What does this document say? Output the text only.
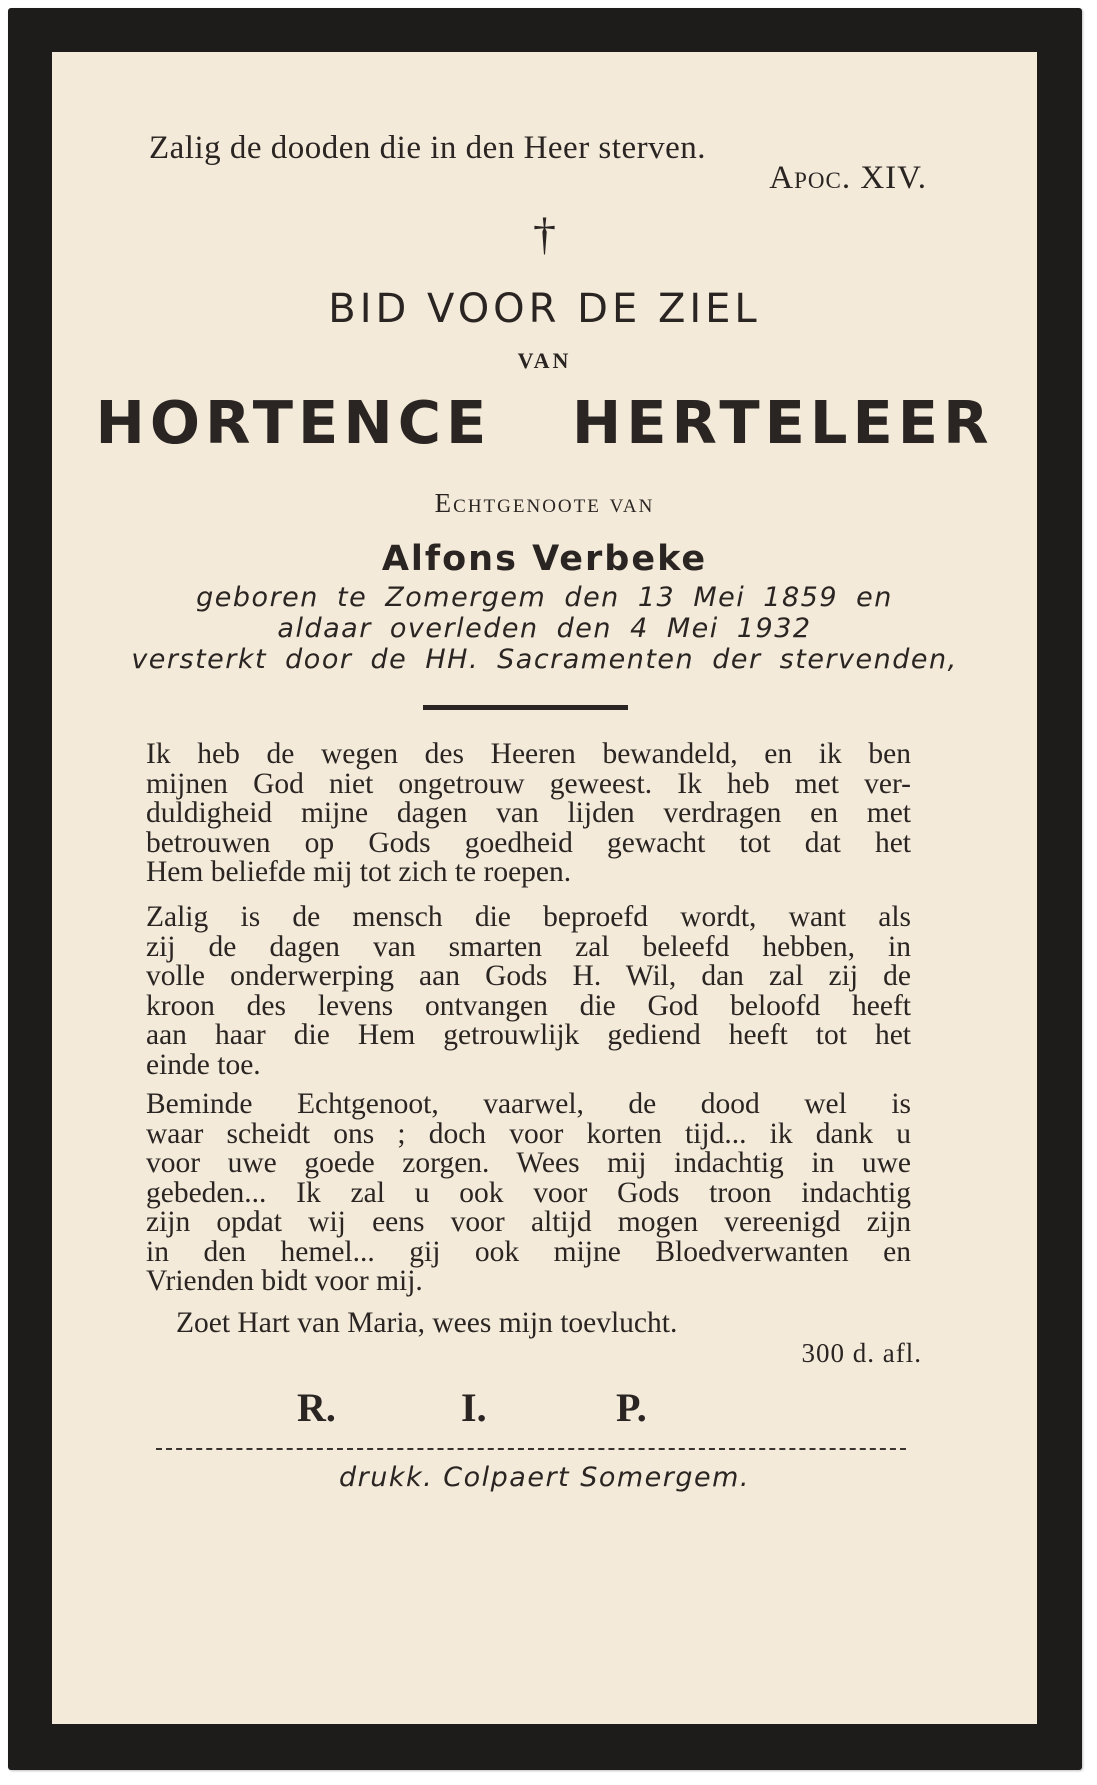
Zalig de dooden die in den Heer sterven.
Apoc. XIV.
†
BID VOOR DE ZIEL
VAN
HORTENCE HERTELEER
Echtgenoote van
Alfons Verbeke
geboren te Zomergem den 13 Mei 1859 en
aldaar overleden den 4 Mei 1932
versterkt door de HH. Sacramenten der stervenden,
Ik heb de wegen des Heeren bewandeld, en ik ben
mijnen God niet ongetrouw geweest. Ik heb met ver-
duldigheid mijne dagen van lijden verdragen en met
betrouwen op Gods goedheid gewacht tot dat het
Hem beliefde mij tot zich te roepen.
Zalig is de mensch die beproefd wordt, want als
zij de dagen van smarten zal beleefd hebben, in
volle onderwerping aan Gods H. Wil, dan zal zij de
kroon des levens ontvangen die God beloofd heeft
aan haar die Hem getrouwlijk gediend heeft tot het
einde toe.
Beminde Echtgenoot, vaarwel, de dood wel is
waar scheidt ons ; doch voor korten tijd... ik dank u
voor uwe goede zorgen. Wees mij indachtig in uwe
gebeden... Ik zal u ook voor Gods troon indachtig
zijn opdat wij eens voor altijd mogen vereenigd zijn
in den hemel... gij ook mijne Bloedverwanten en
Vrienden bidt voor mij.
Zoet Hart van Maria, wees mijn toevlucht.
300 d. afl.
R.	I.	P.
drukk. Colpaert Somergem.
